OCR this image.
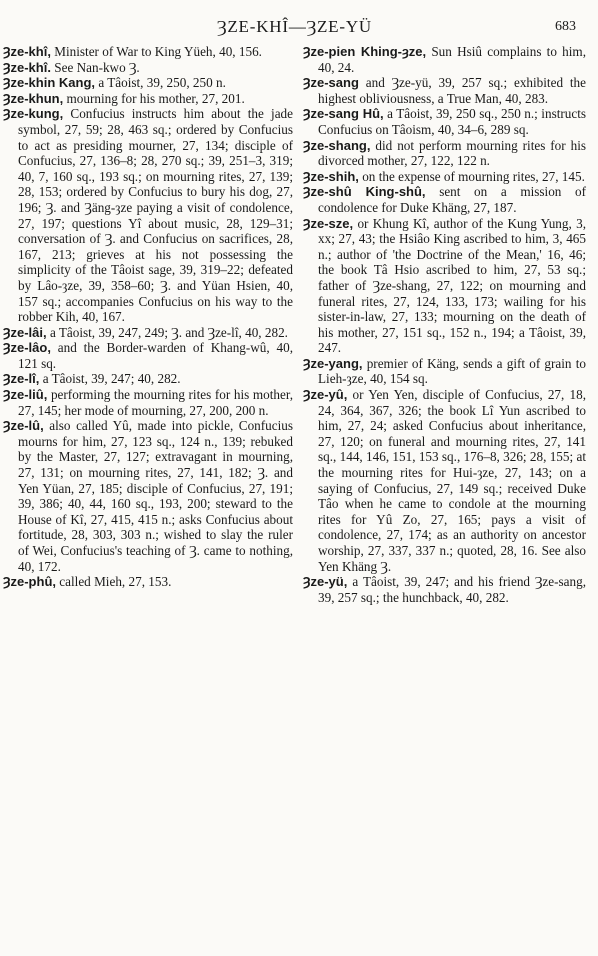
ȜZE-KHÎ—ȜZE-YÜ	683

Ȝze-khî, Minister of War to King Yüeh, 40, 156.

Ȝze-khî. See Nan-kwo Ȝ.

Ȝze-khin Kang, a Tâoist, 39, 250, 250 n.

Ȝze-khun, mourning for his mother, 27, 201.

Ȝze-kung, Confucius instructs him about the jade symbol, 27, 59; 28, 463 sq.; ordered by Confucius to act as presiding mourner, 27, 134; disciple of Confucius, 27, 136–8; 28, 270 sq.; 39, 251–3, 319; 40, 7, 160 sq., 193 sq.; on mourning rites, 27, 139; 28, 153; ordered by Confucius to bury his dog, 27, 196; Ȝ. and Ȝäng-ȝze paying a visit of condolence, 27, 197; questions Yî about music, 28, 129–31; conversation of Ȝ. and Confucius on sacrifices, 28, 167, 213; grieves at his not possessing the simplicity of the Tâoist sage, 39, 319–22; defeated by Lâo-ȝze, 39, 358–60; Ȝ. and Yüan Hsien, 40, 157 sq.; accompanies Confucius on his way to the robber Kih, 40, 167.

Ȝze-lâi, a Tâoist, 39, 247, 249; Ȝ. and Ȝze-lî, 40, 282.

Ȝze-lâo, and the Border-warden of Khang-wû, 40, 121 sq.

Ȝze-lî, a Tâoist, 39, 247; 40, 282.

Ȝze-liû, performing the mourning rites for his mother, 27, 145; her mode of mourning, 27, 200, 200 n.

Ȝze-lû, also called Yû, made into pickle, Confucius mourns for him, 27, 123 sq., 124 n., 139; rebuked by the Master, 27, 127; extravagant in mourning, 27, 131; on mourning rites, 27, 141, 182; Ȝ. and Yen Yüan, 27, 185; disciple of Confucius, 27, 191; 39, 386; 40, 44, 160 sq., 193, 200; steward to the House of Kî, 27, 415, 415 n.; asks Confucius about fortitude, 28, 303, 303 n.; wished to slay the ruler of Wei, Confucius's teaching of Ȝ. came to nothing, 40, 172.

Ȝze-phû, called Mieh, 27, 153.

Ȝze-pien Khing-ȝze, Sun Hsiû complains to him, 40, 24.

Ȝze-sang and Ȝze-yü, 39, 257 sq.; exhibited the highest obliviousness, a True Man, 40, 283.

Ȝze-sang Hû, a Tâoist, 39, 250 sq., 250 n.; instructs Confucius on Tâoism, 40, 34–6, 289 sq.

Ȝze-shang, did not perform mourning rites for his divorced mother, 27, 122, 122 n.

Ȝze-shih, on the expense of mourning rites, 27, 145.

Ȝze-shû King-shû, sent on a mission of condolence for Duke Khäng, 27, 187.

Ȝze-sze, or Khung Kî, author of the Kung Yung, 3, xx; 27, 43; the Hsiâo King ascribed to him, 3, 465 n.; author of 'the Doctrine of the Mean,' 16, 46; the book Tâ Hsio ascribed to him, 27, 53 sq.; father of Ȝze-shang, 27, 122; on mourning and funeral rites, 27, 124, 133, 173; wailing for his sister-in-law, 27, 133; mourning on the death of his mother, 27, 151 sq., 152 n., 194; a Tâoist, 39, 247.

Ȝze-yang, premier of Käng, sends a gift of grain to Lieh-ȝze, 40, 154 sq.

Ȝze-yû, or Yen Yen, disciple of Confucius, 27, 18, 24, 364, 367, 326; the book Lî Yun ascribed to him, 27, 24; asked Confucius about inheritance, 27, 120; on funeral and mourning rites, 27, 141 sq., 144, 146, 151, 153 sq., 176–8, 326; 28, 155; at the mourning rites for Hui-ȝze, 27, 143; on a saying of Confucius, 27, 149 sq.; received Duke Tâo when he came to condole at the mourning rites for Yû Zo, 27, 165; pays a visit of condolence, 27, 174; as an authority on ancestor worship, 27, 337, 337 n.; quoted, 28, 16. See also Yen Khäng Ȝ.

Ȝze-yü, a Tâoist, 39, 247; and his friend Ȝze-sang, 39, 257 sq.; the hunchback, 40, 282.
